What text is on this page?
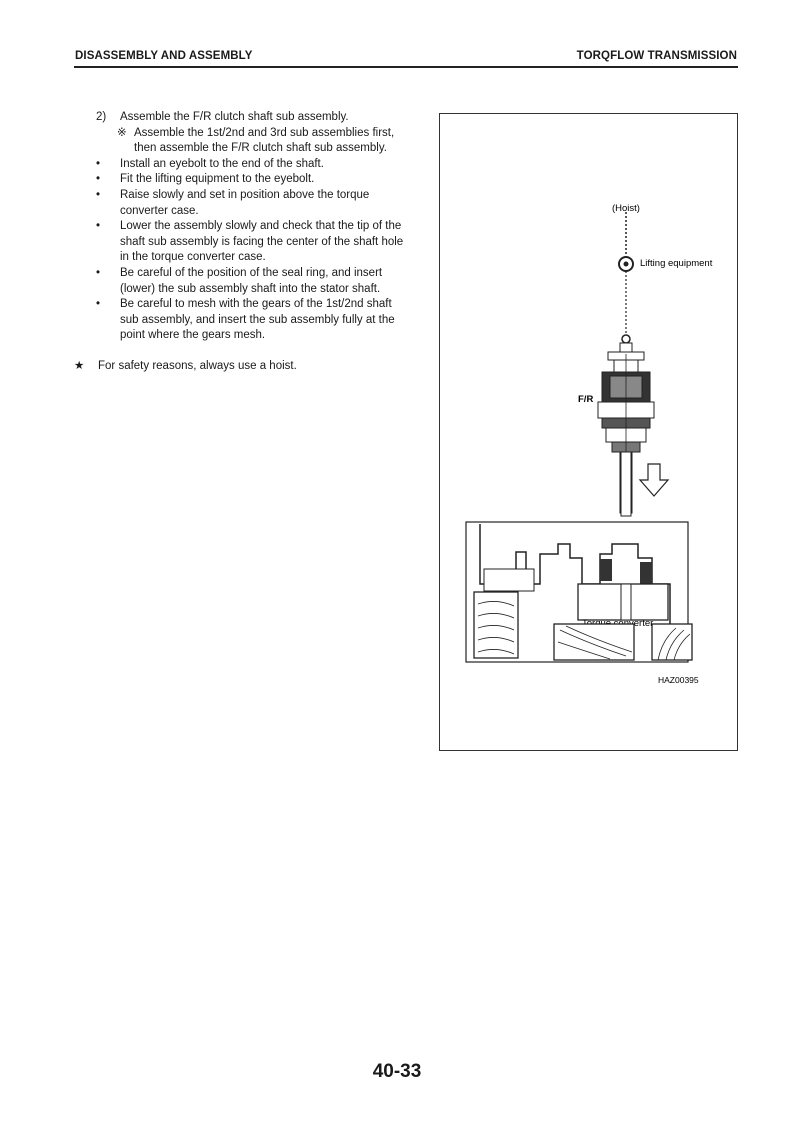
DISASSEMBLY AND ASSEMBLY	TORQFLOW TRANSMISSION
2)	Assemble the F/R clutch shaft sub assembly.
※ Assemble the 1st/2nd and 3rd sub assemblies first, then assemble the F/R clutch shaft sub assembly.
•	Install an eyebolt to the end of the shaft.
•	Fit the lifting equipment to the eyebolt.
•	Raise slowly and set in position above the torque converter case.
•	Lower the assembly slowly and check that the tip of the shaft sub assembly is facing the center of the shaft hole in the torque converter case.
•	Be careful of the position of the seal ring, and insert (lower) the sub assembly shaft into the stator shaft.
•	Be careful to mesh with the gears of the 1st/2nd shaft sub assembly, and insert the sub assembly fully at the point where the gears mesh.
★	For safety reasons, always use a hoist.
(Hoist)
Lifting equipment
F/R
HAZ00395
40-33
